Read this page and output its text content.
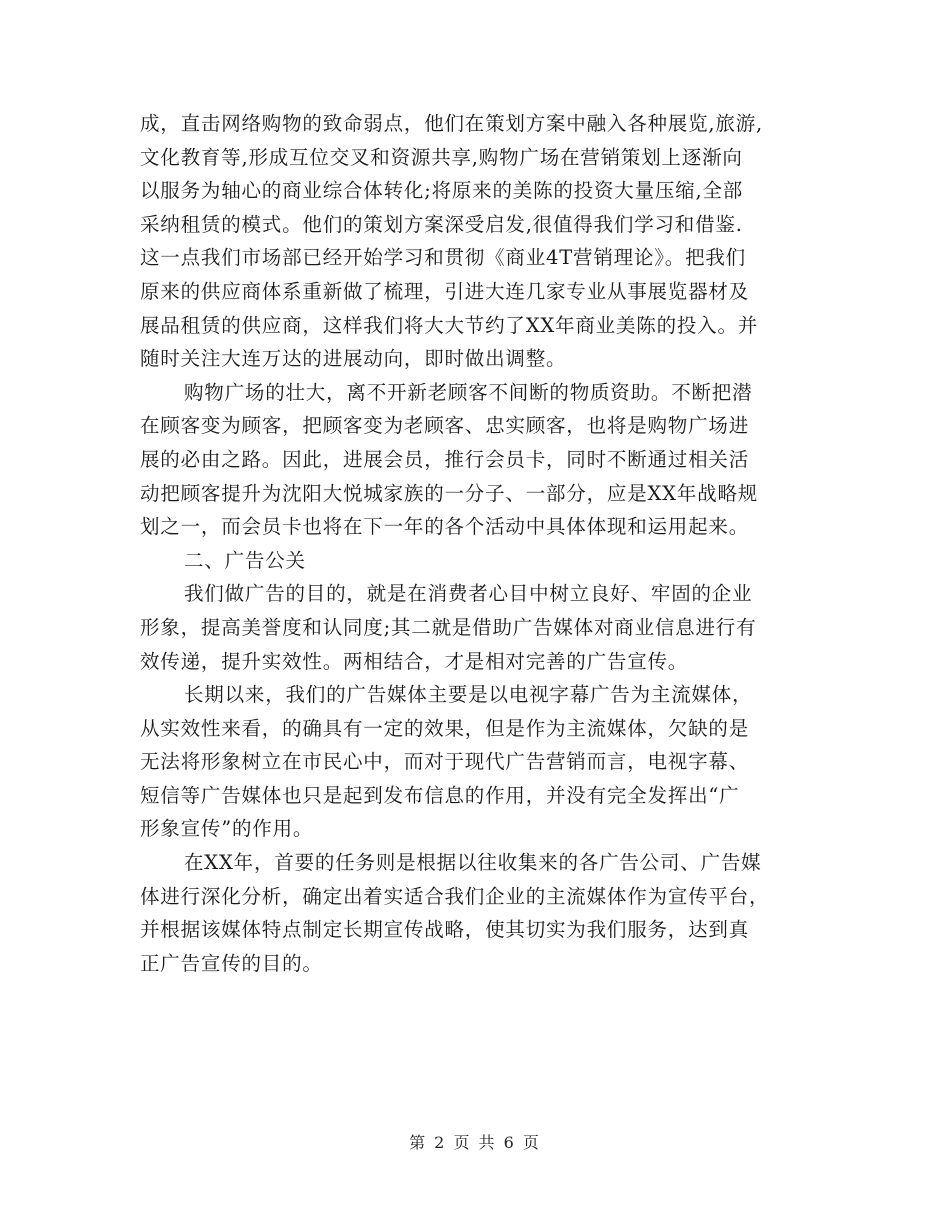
成，直击网络购物的致命弱点，他们在策划方案中融入各种展览,旅游,
文化教育等,形成互位交叉和资源共享,购物广场在营销策划上逐渐向
以服务为轴心的商业综合体转化;将原来的美陈的投资大量压缩,全部
采纳租赁的模式。他们的策划方案深受启发,很值得我们学习和借鉴.
这一点我们市场部已经开始学习和贯彻《商业4T营销理论》。把我们
原来的供应商体系重新做了梳理，引进大连几家专业从事展览器材及
展品租赁的供应商，这样我们将大大节约了XX年商业美陈的投入。并
随时关注大连万达的进展动向，即时做出调整。
购物广场的壮大，离不开新老顾客不间断的物质资助。不断把潜
在顾客变为顾客，把顾客变为老顾客、忠实顾客，也将是购物广场进
展的必由之路。因此，进展会员，推行会员卡，同时不断通过相关活
动把顾客提升为沈阳大悦城家族的一分子、一部分，应是XX年战略规
划之一，而会员卡也将在下一年的各个活动中具体体现和运用起来。
二、广告公关
我们做广告的目的，就是在消费者心目中树立良好、牢固的企业
形象，提高美誉度和认同度;其二就是借助广告媒体对商业信息进行有
效传递，提升实效性。两相结合，才是相对完善的广告宣传。
长期以来，我们的广告媒体主要是以电视字幕广告为主流媒体，
从实效性来看，的确具有一定的效果，但是作为主流媒体，欠缺的是
无法将形象树立在市民心中，而对于现代广告营销而言，电视字幕、
短信等广告媒体也只是起到发布信息的作用，并没有完全发挥出“广
形象宣传”的作用。
在XX年，首要的任务则是根据以往收集来的各广告公司、广告媒
体进行深化分析，确定出着实适合我们企业的主流媒体作为宣传平台，
并根据该媒体特点制定长期宣传战略，使其切实为我们服务，达到真
正广告宣传的目的。
第 2 页 共 6 页
